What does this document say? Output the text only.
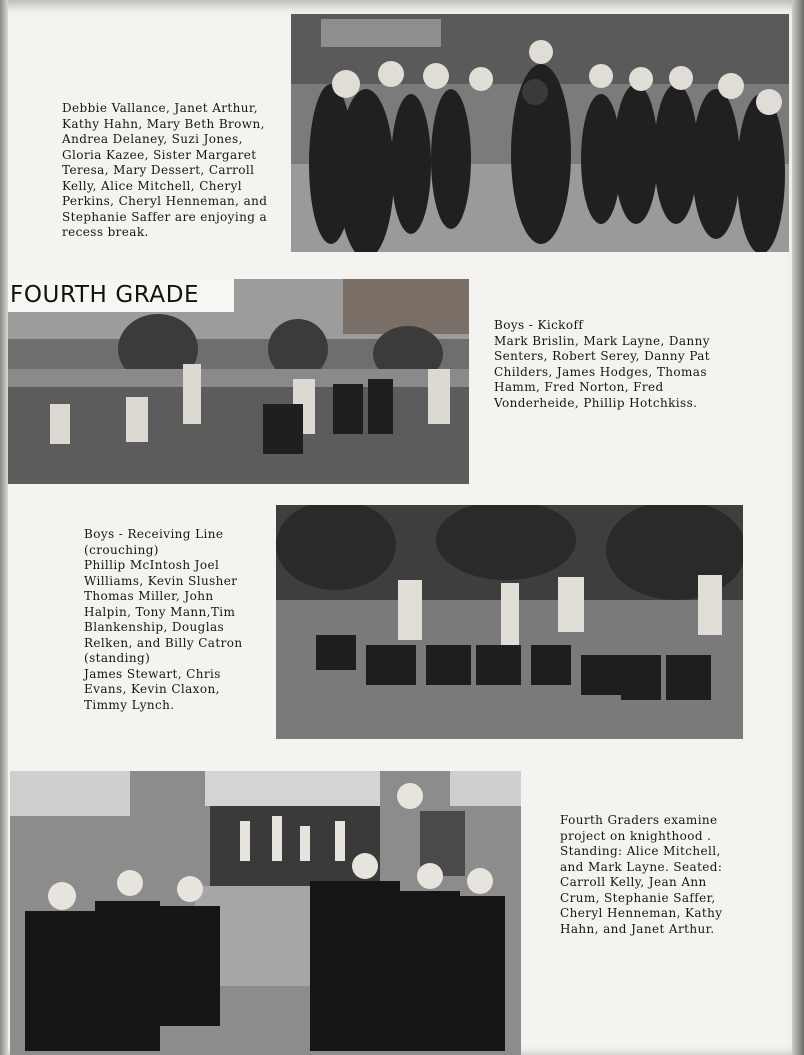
Debbie Vallance, Janet Arthur, Kathy Hahn, Mary Beth Brown, Andrea Delaney, Suzi Jones, Gloria Kazee, Sister Margaret Teresa, Mary Dessert, Carroll Kelly, Alice Mitchell, Cheryl Perkins, Cheryl Henneman, and Stephanie Saffer are enjoying a recess break.

FOURTH GRADE

Boys - Kickoff

Mark Brislin, Mark Layne, Danny Senters, Robert Serey, Danny Pat Childers, James Hodges, Thomas Hamm, Fred Norton, Fred Vonderheide, Phillip Hotchkiss.

Boys - Receiving Line

(crouching)

Phillip McIntosh Joel Williams, Kevin Slusher Thomas Miller, John Halpin, Tony Mann,Tim Blankenship, Douglas Relken, and Billy Catron

(standing)

James Stewart, Chris Evans, Kevin Claxon, Timmy Lynch.

Fourth Graders examine project on knighthood . Standing: Alice Mitchell, and Mark Layne. Seated: Carroll Kelly, Jean Ann Crum, Stephanie Saffer, Cheryl Henneman, Kathy Hahn, and Janet Arthur.
